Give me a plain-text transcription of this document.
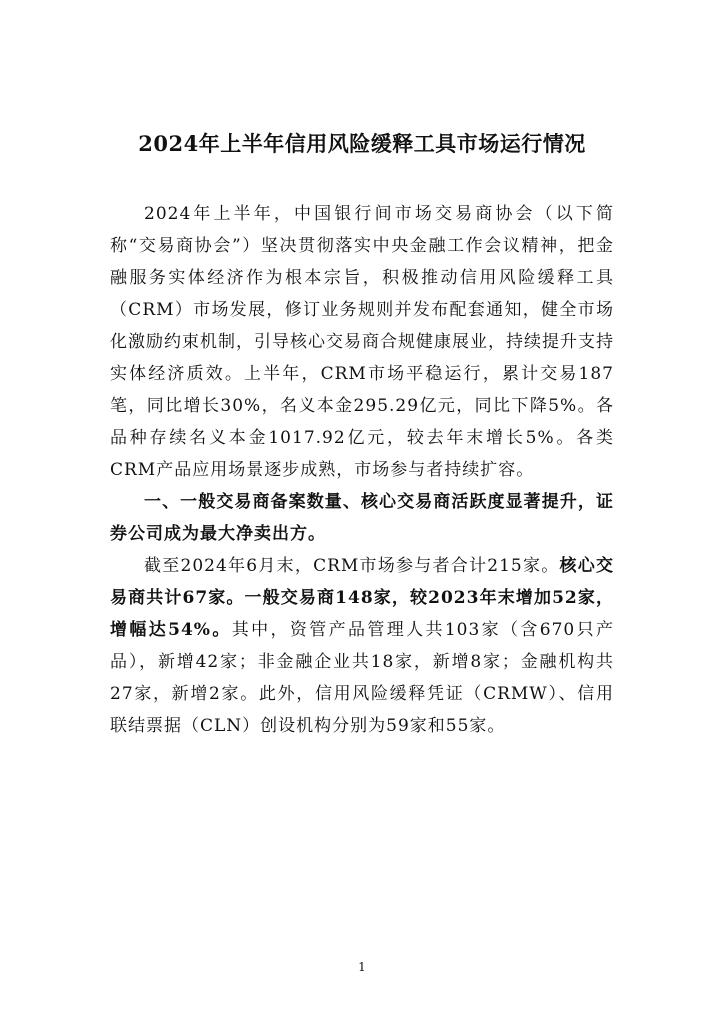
2024年上半年信用风险缓释工具市场运行情况

2024年上半年，中国银行间市场交易商协会（以下简称“交易商协会”）坚决贯彻落实中央金融工作会议精神，把金融服务实体经济作为根本宗旨，积极推动信用风险缓释工具（CRM）市场发展，修订业务规则并发布配套通知，健全市场化激励约束机制，引导核心交易商合规健康展业，持续提升支持实体经济质效。上半年，CRM市场平稳运行，累计交易187笔，同比增长30%，名义本金295.29亿元，同比下降5%。各品种存续名义本金1017.92亿元，较去年末增长5%。各类CRM产品应用场景逐步成熟，市场参与者持续扩容。

一、一般交易商备案数量、核心交易商活跃度显著提升，证券公司成为最大净卖出方。

截至2024年6月末，CRM市场参与者合计215家。核心交易商共计67家。一般交易商148家，较2023年末增加52家，增幅达54%。其中，资管产品管理人共103家（含670只产品），新增42家；非金融企业共18家，新增8家；金融机构共27家，新增2家。此外，信用风险缓释凭证（CRMW）、信用联结票据（CLN）创设机构分别为59家和55家。

1
